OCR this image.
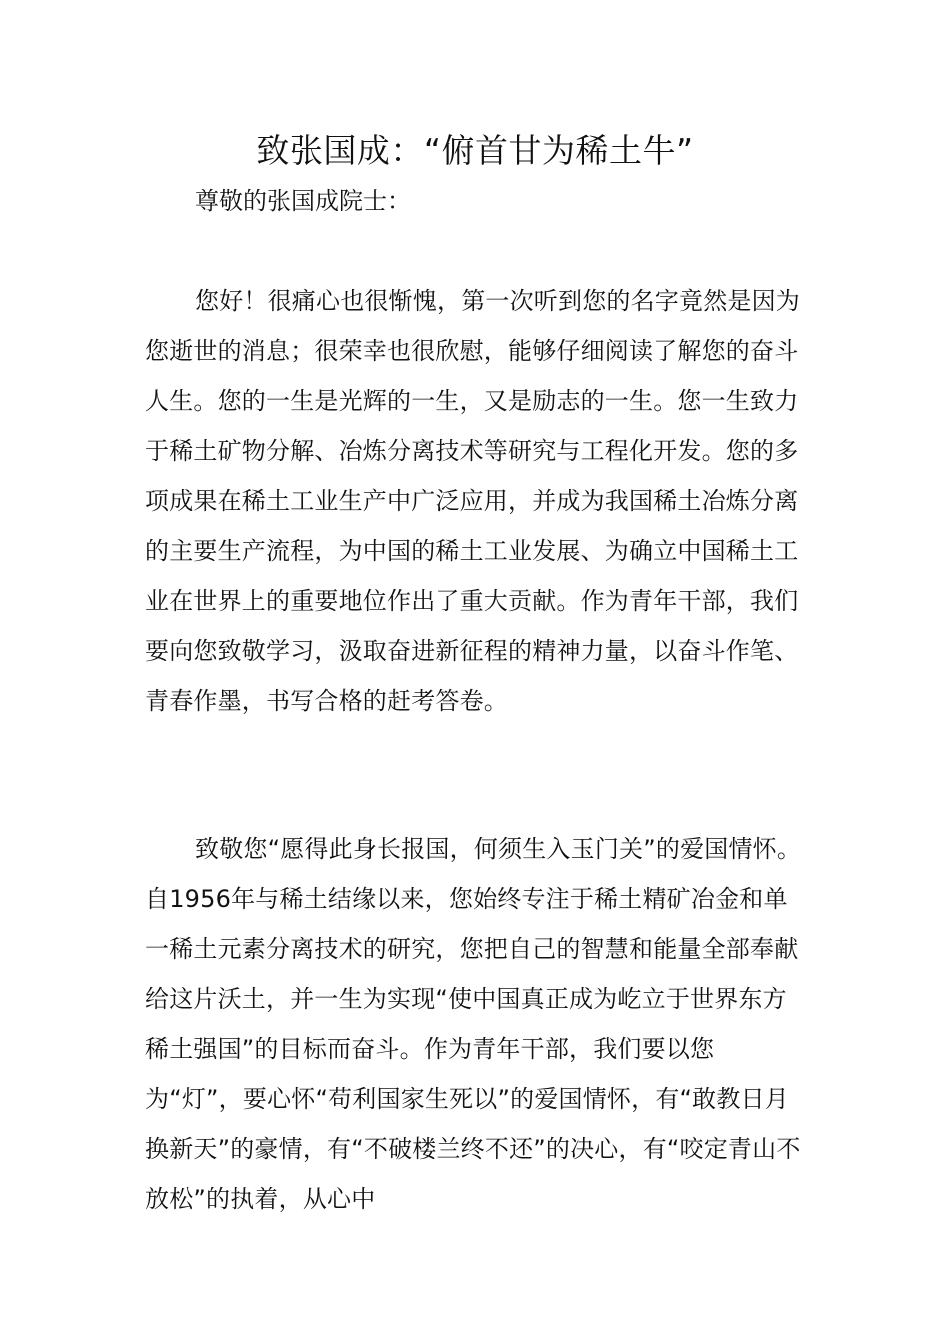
致张国成：“俯首甘为稀土牛”
尊敬的张国成院士：

您好！很痛心也很惭愧，第一次听到您的名字竟然是因为您逝世的消息；很荣幸也很欣慰，能够仔细阅读了解您的奋斗人生。您的一生是光辉的一生，又是励志的一生。您一生致力于稀土矿物分解、冶炼分离技术等研究与工程化开发。您的多项成果在稀土工业生产中广泛应用，并成为我国稀土冶炼分离的主要生产流程，为中国的稀土工业发展、为确立中国稀土工业在世界上的重要地位作出了重大贡献。作为青年干部，我们要向您致敬学习，汲取奋进新征程的精神力量，以奋斗作笔、青春作墨，书写合格的赶考答卷。

致敬您“愿得此身长报国，何须生入玉门关”的爱国情怀。自1956年与稀土结缘以来，您始终专注于稀土精矿冶金和单一稀土元素分离技术的研究，您把自己的智慧和能量全部奉献给这片沃土，并一生为实现“使中国真正成为屹立于世界东方稀土强国”的目标而奋斗。作为青年干部，我们要以您为“灯”，要心怀“苟利国家生死以”的爱国情怀，有“敢教日月换新天”的豪情，有“不破楼兰终不还”的决心，有“咬定青山不放松”的执着，从心中
